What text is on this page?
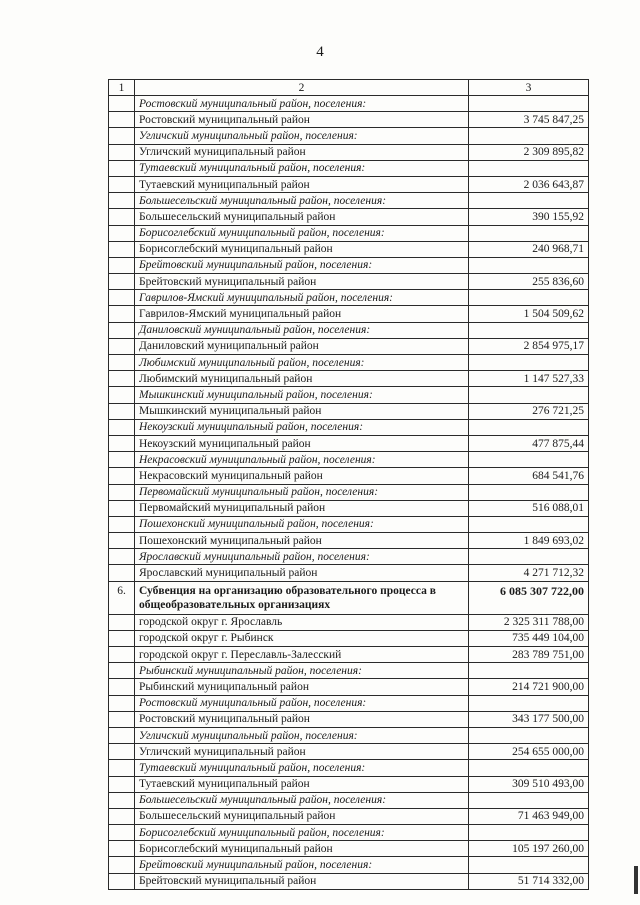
4
1	2	3
	Ростовский муниципальный район, поселения:	
	Ростовский муниципальный район	3 745 847,25
	Угличский муниципальный район, поселения:	
	Угличский муниципальный район	2 309 895,82
	Тутаевский муниципальный район, поселения:	
	Тутаевский муниципальный район	2 036 643,87
	Большесельский муниципальный район, поселения:	
	Большесельский муниципальный район	390 155,92
	Борисоглебский муниципальный район, поселения:	
	Борисоглебский муниципальный район	240 968,71
	Брейтовский муниципальный район, поселения:	
	Брейтовский муниципальный район	255 836,60
	Гаврилов-Ямский муниципальный район, поселения:	
	Гаврилов-Ямский муниципальный район	1 504 509,62
	Даниловский муниципальный район, поселения:	
	Даниловский муниципальный район	2 854 975,17
	Любимский муниципальный район, поселения:	
	Любимский муниципальный район	1 147 527,33
	Мышкинский муниципальный район, поселения:	
	Мышкинский муниципальный район	276 721,25
	Некоузский муниципальный район, поселения:	
	Некоузский муниципальный район	477 875,44
	Некрасовский муниципальный район, поселения:	
	Некрасовский муниципальный район	684 541,76
	Первомайский муниципальный район, поселения:	
	Первомайский муниципальный район	516 088,01
	Пошехонский муниципальный район, поселения:	
	Пошехонский муниципальный район	1 849 693,02
	Ярославский муниципальный район, поселения:	
	Ярославский муниципальный район	4 271 712,32
6.	Субвенция на организацию образовательного процесса в общеобразовательных организациях	6 085 307 722,00
	городской округ г. Ярославль	2 325 311 788,00
	городской округ г. Рыбинск	735 449 104,00
	городской округ г. Переславль-Залесский	283 789 751,00
	Рыбинский муниципальный район, поселения:	
	Рыбинский муниципальный район	214 721 900,00
	Ростовский муниципальный район, поселения:	
	Ростовский муниципальный район	343 177 500,00
	Угличский муниципальный район, поселения:	
	Угличский муниципальный район	254 655 000,00
	Тутаевский муниципальный район, поселения:	
	Тутаевский муниципальный район	309 510 493,00
	Большесельский муниципальный район, поселения:	
	Большесельский муниципальный район	71 463 949,00
	Борисоглебский муниципальный район, поселения:	
	Борисоглебский муниципальный район	105 197 260,00
	Брейтовский муниципальный район, поселения:	
	Брейтовский муниципальный район	51 714 332,00
